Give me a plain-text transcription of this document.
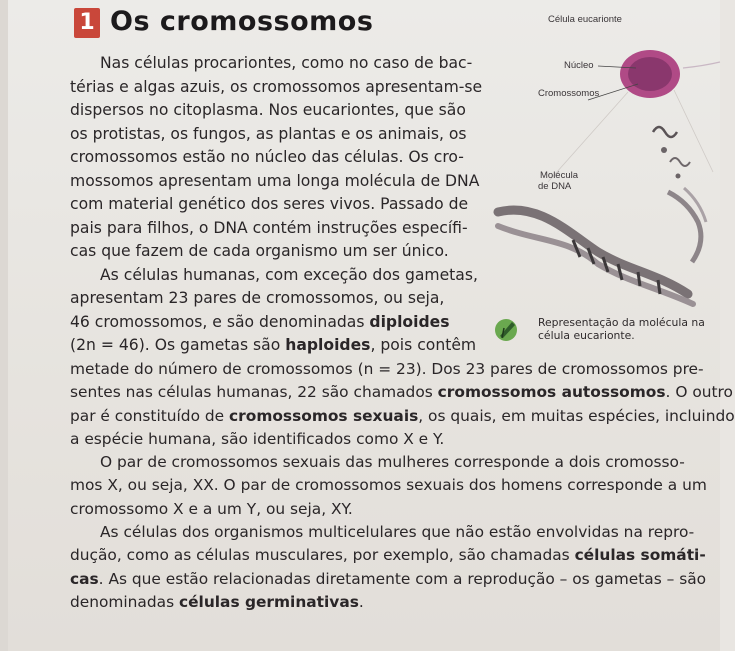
1 Os cromossomos

Nas células procariontes, como no caso de bac-

térias e algas azuis, os cromossomos apresentam-se

dispersos no citoplasma. Nos eucariontes, que são

os protistas, os fungos, as plantas e os animais, os

cromossomos estão no núcleo das células. Os cro-

mossomos apresentam uma longa molécula de DNA

com material genético dos seres vivos. Passado de

pais para filhos, o DNA contém instruções específi-

cas que fazem de cada organismo um ser único.

As células humanas, com exceção dos gametas,

apresentam 23 pares de cromossomos, ou seja,

46 cromossomos, e são denominadas diploides

(2n = 46). Os gametas são haploides, pois contêm

metade do número de cromossomos (n = 23). Dos 23 pares de cromossomos pre-

sentes nas células humanas, 22 são chamados cromossomos autossomos. O outro

par é constituído de cromossomos sexuais, os quais, em muitas espécies, incluindo

a espécie humana, são identificados como X e Y.

O par de cromossomos sexuais das mulheres corresponde a dois cromosso-

mos X, ou seja, XX. O par de cromossomos sexuais dos homens corresponde a um

cromossomo X e a um Y, ou seja, XY.

As células dos organismos multicelulares que não estão envolvidas na repro-

dução, como as células musculares, por exemplo, são chamadas células somáti-

cas. As que estão relacionadas diretamente com a reprodução – os gametas – são

denominadas células germinativas.

Célula eucarionte
Núcleo
Cromossomos
Molécula
de DNA
Representação da molécula na célula eucarionte.
